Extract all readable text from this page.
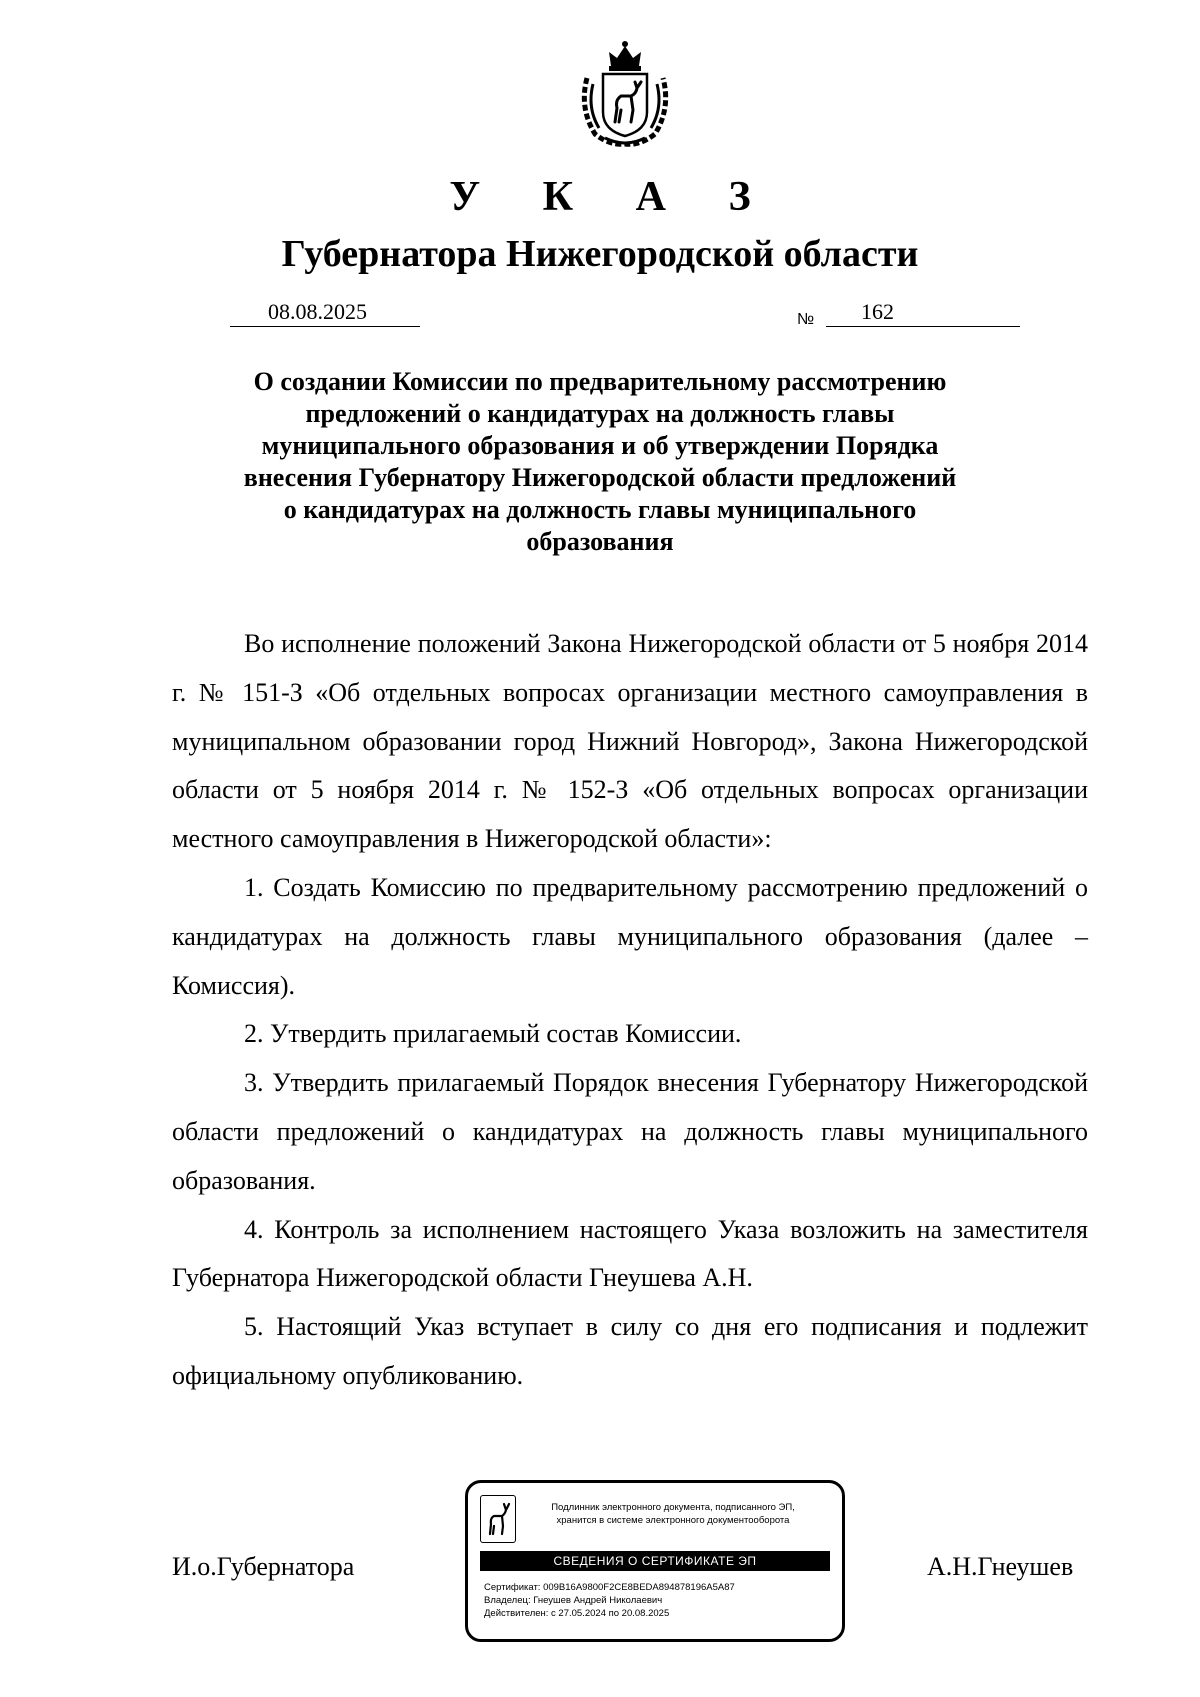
У К А З
Губернатора Нижегородской области
08.08.2025	№	162
О создании Комиссии по предварительному рассмотрению
предложений о кандидатурах на должность главы
муниципального образования и об утверждении Порядка
внесения Губернатору Нижегородской области предложений
о кандидатурах на должность главы муниципального
образования

Во исполнение положений Закона Нижегородской области от 5 ноября 2014 г. № 151-З «Об отдельных вопросах организации местного самоуправления в муниципальном образовании город Нижний Новгород», Закона Нижегородской области от 5 ноября 2014 г. № 152-З «Об отдельных вопросах организации местного самоуправления в Нижегородской области»:

1. Создать Комиссию по предварительному рассмотрению предложений о кандидатурах на должность главы муниципального образования (далее – Комиссия).

2. Утвердить прилагаемый состав Комиссии.

3. Утвердить прилагаемый Порядок внесения Губернатору Нижегородской области предложений о кандидатурах на должность главы муниципального образования.

4. Контроль за исполнением настоящего Указа возложить на заместителя Губернатора Нижегородской области Гнеушева А.Н.

5. Настоящий Указ вступает в силу со дня его подписания и подлежит официальному опубликованию.

И.о.Губернатора
Подлинник электронного документа, подписанного ЭП,
хранится в системе электронного документооборота
СВЕДЕНИЯ О СЕРТИФИКАТЕ ЭП
Сертификат: 009B16A9800F2CE8BEDA894878196A5A87
Владелец: Гнеушев Андрей Николаевич
Действителен: с 27.05.2024 по 20.08.2025
А.Н.Гнеушев
